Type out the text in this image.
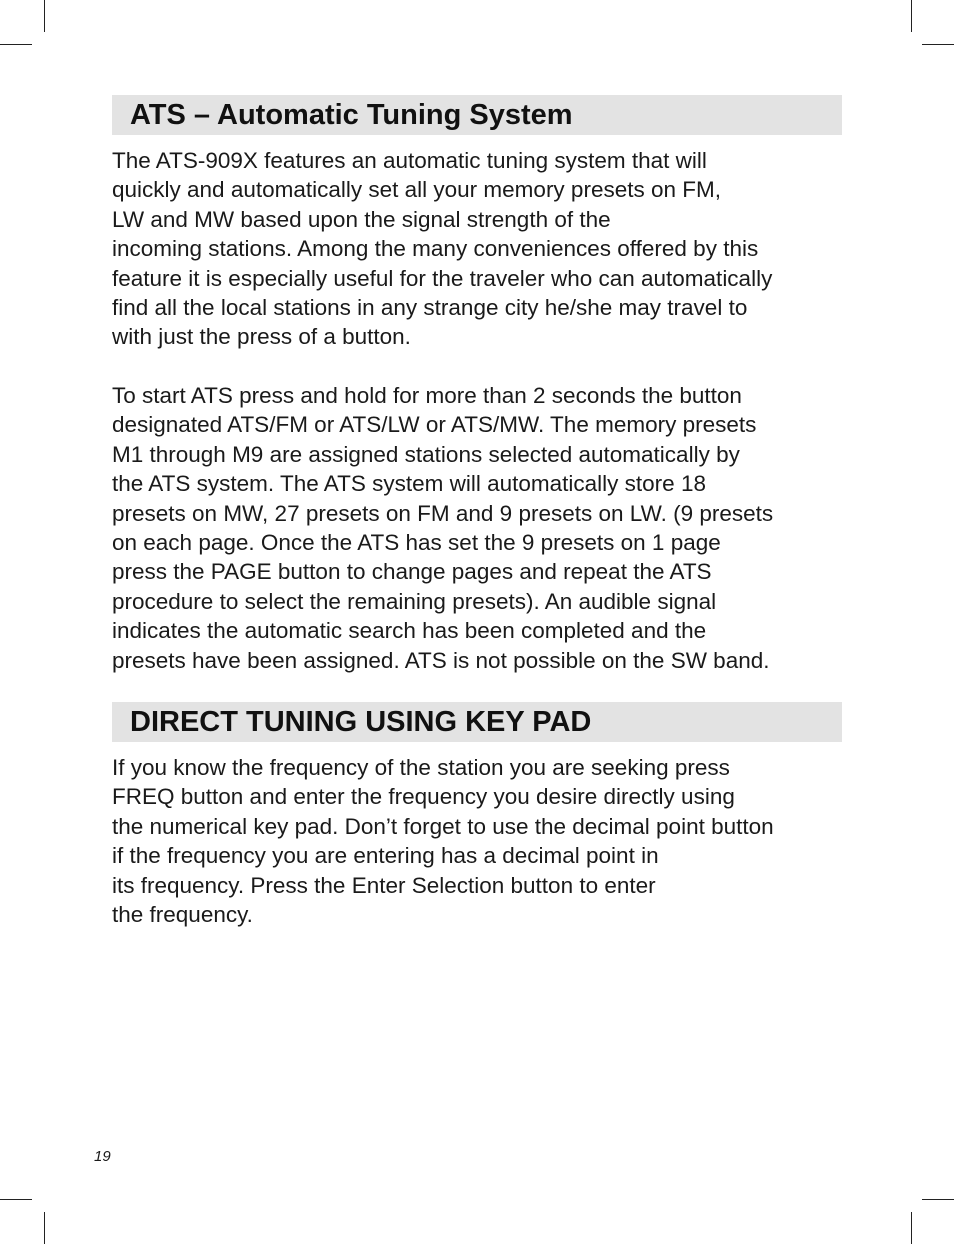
ATS – Automatic Tuning System
The ATS-909X features an automatic tuning system that will
quickly and automatically set all your memory presets on FM,
LW and MW based upon the signal strength of the
incoming stations. Among the many conveniences offered by this
feature it is especially useful for the traveler who can automatically
find all the local stations in any strange city he/she may travel to
with just the press of a button.
To start ATS press and hold for more than 2 seconds the button
designated ATS/FM or ATS/LW or ATS/MW. The memory presets
M1 through M9 are assigned stations selected automatically by
the ATS system. The ATS system will automatically store 18
presets on MW, 27 presets on FM and 9 presets on LW. (9 presets
on each page. Once the ATS has set the 9 presets on 1 page
press the PAGE button to change pages and repeat the ATS
procedure to select the remaining presets). An audible signal
indicates the automatic search has been completed and the
presets have been assigned. ATS is not possible on the SW band.
DIRECT TUNING USING KEY PAD
If you know the frequency of the station you are seeking press
FREQ button and enter the frequency you desire directly using
the numerical key pad. Don’t forget to use the decimal point button
if the frequency you are entering has a decimal point in
its frequency. Press the Enter Selection button to enter
the frequency.
19
